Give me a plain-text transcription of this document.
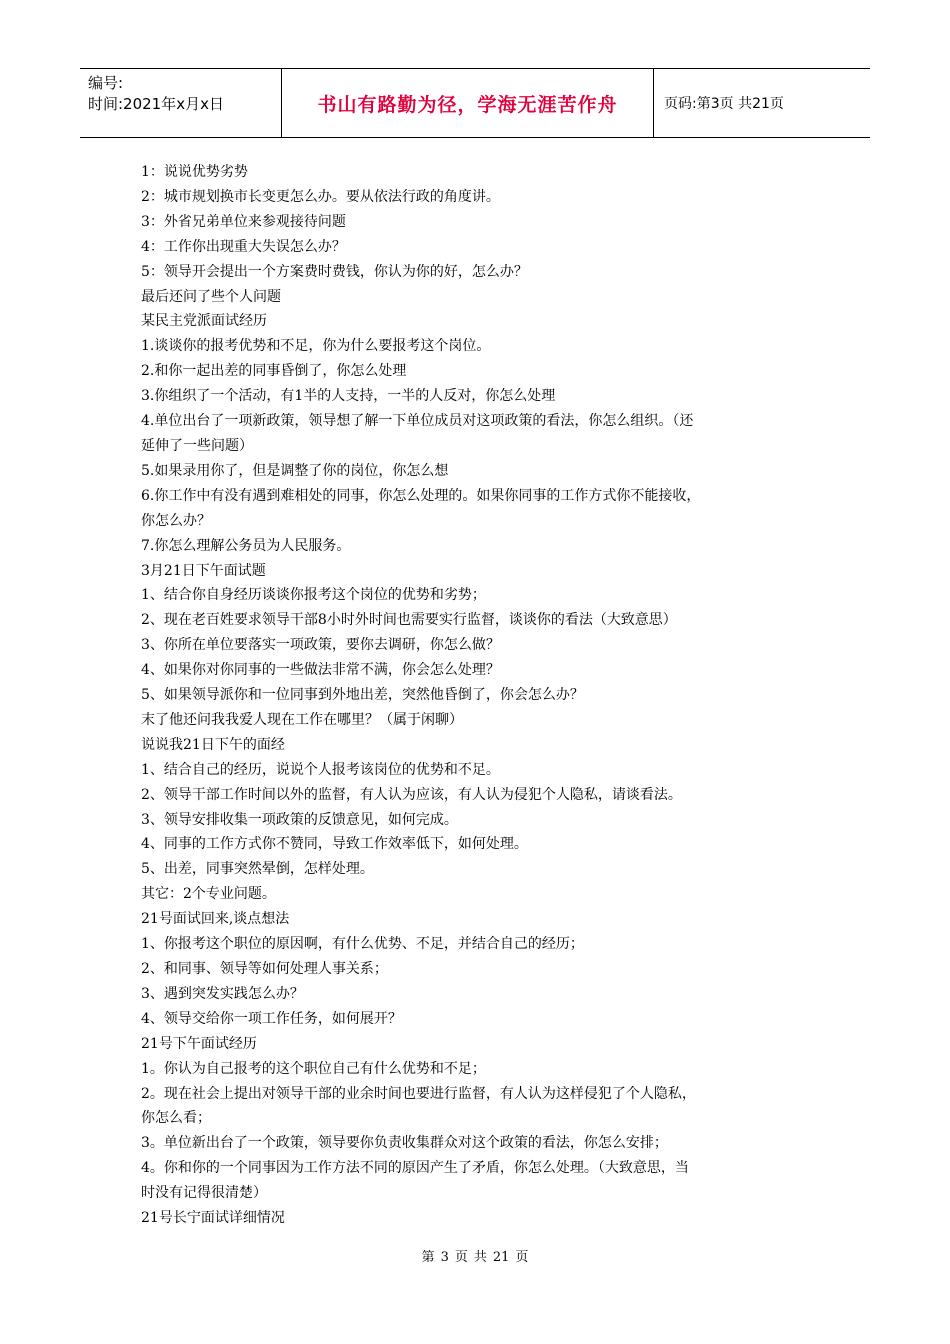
编号:
时间:2021年x月x日	书山有路勤为径，学海无涯苦作舟	页码:第3页 共21页
1：说说优势劣势
2：城市规划换市长变更怎么办。要从依法行政的角度讲。
3：外省兄弟单位来参观接待问题
4：工作你出现重大失误怎么办？
5：领导开会提出一个方案费时费钱，你认为你的好，怎么办？
最后还问了些个人问题
某民主党派面试经历
1.谈谈你的报考优势和不足，你为什么要报考这个岗位。
2.和你一起出差的同事昏倒了，你怎么处理
3.你组织了一个活动，有1半的人支持，一半的人反对，你怎么处理
4.单位出台了一项新政策，领导想了解一下单位成员对这项政策的看法，你怎么组织。（还
延伸了一些问题）
5.如果录用你了，但是调整了你的岗位，你怎么想
6.你工作中有没有遇到难相处的同事，你怎么处理的。如果你同事的工作方式你不能接收，
你怎么办？
7.你怎么理解公务员为人民服务。
3月21日下午面试题
1、结合你自身经历谈谈你报考这个岗位的优势和劣势；
2、现在老百姓要求领导干部8小时外时间也需要实行监督，谈谈你的看法（大致意思）
3、你所在单位要落实一项政策，要你去调研，你怎么做？
4、如果你对你同事的一些做法非常不满，你会怎么处理？
5、如果领导派你和一位同事到外地出差，突然他昏倒了，你会怎么办？
末了他还问我我爱人现在工作在哪里？（属于闲聊）
说说我21日下午的面经
1、结合自己的经历，说说个人报考该岗位的优势和不足。
2、领导干部工作时间以外的监督，有人认为应该，有人认为侵犯个人隐私，请谈看法。
3、领导安排收集一项政策的反馈意见，如何完成。
4、同事的工作方式你不赞同，导致工作效率低下，如何处理。
5、出差，同事突然晕倒，怎样处理。
其它：2个专业问题。
21号面试回来,谈点想法
1、你报考这个职位的原因啊，有什么优势、不足，并结合自己的经历；
2、和同事、领导等如何处理人事关系；
3、遇到突发实践怎么办？
4、领导交给你一项工作任务，如何展开？
21号下午面试经历
1。你认为自己报考的这个职位自己有什么优势和不足；
2。现在社会上提出对领导干部的业余时间也要进行监督，有人认为这样侵犯了个人隐私，
你怎么看；
3。单位新出台了一个政策，领导要你负责收集群众对这个政策的看法，你怎么安排；
4。你和你的一个同事因为工作方法不同的原因产生了矛盾，你怎么处理。（大致意思，当
时没有记得很清楚）
21号长宁面试详细情况
第 3 页 共 21 页
